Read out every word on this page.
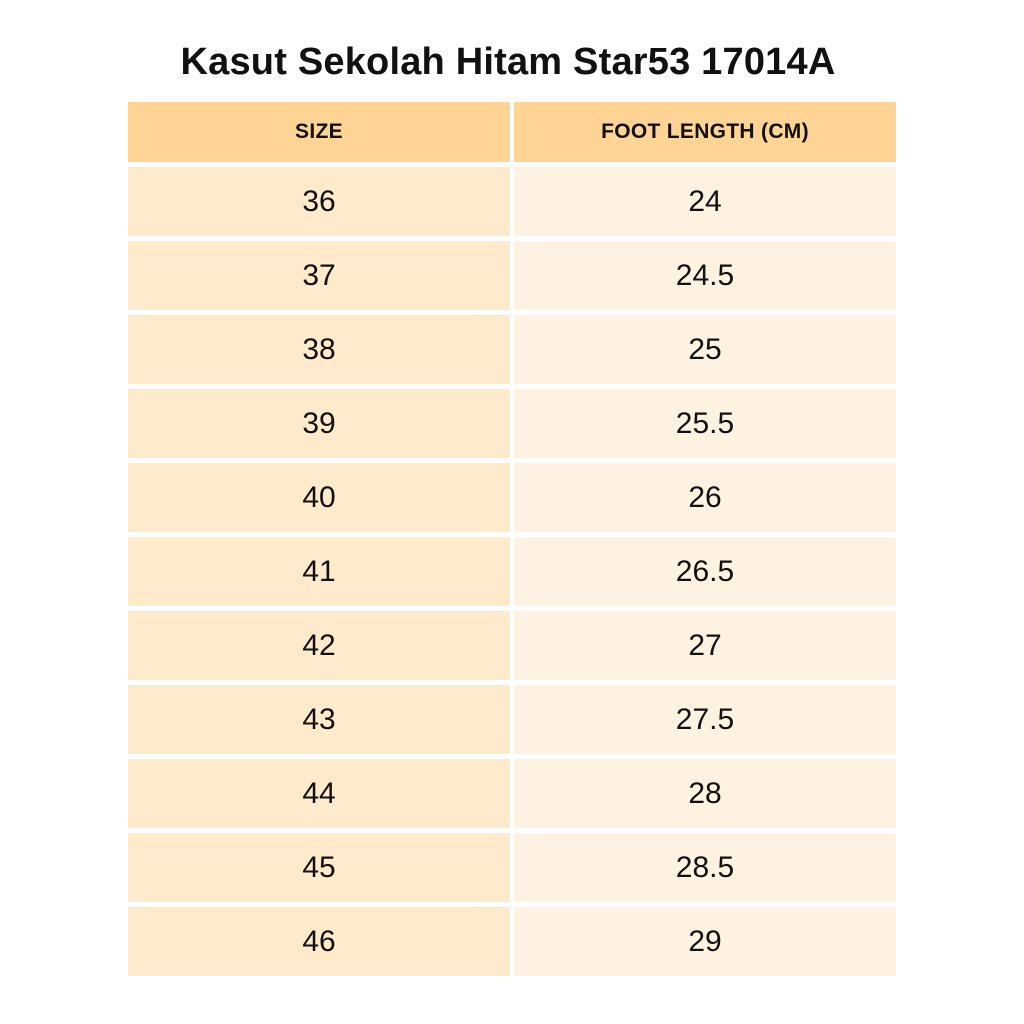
Kasut Sekolah Hitam Star53 17014A
SIZE	FOOT LENGTH (CM)
36	24
37	24.5
38	25
39	25.5
40	26
41	26.5
42	27
43	27.5
44	28
45	28.5
46	29
